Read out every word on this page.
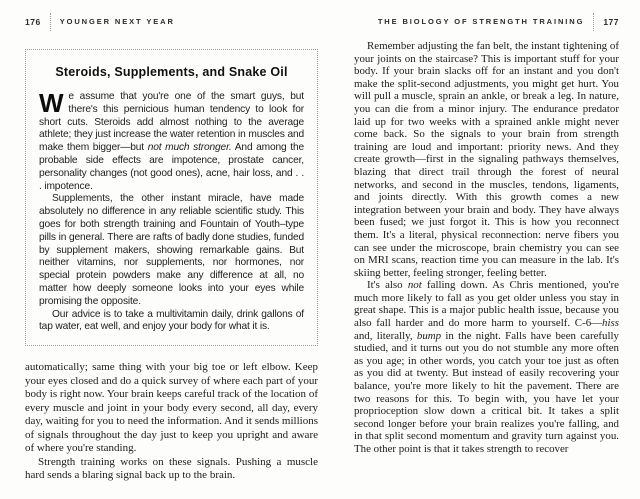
176	YOUNGER NEXT YEAR
Steroids, Supplements, and Snake Oil

We assume that you're one of the smart guys, but there's this pernicious human tendency to look for short cuts. Steroids add almost nothing to the average athlete; they just increase the water retention in muscles and make them bigger—but not much stronger. And among the probable side effects are impotence, prostate cancer, personality changes (not good ones), acne, hair loss, and . . . impotence.

Supplements, the other instant miracle, have made absolutely no difference in any reliable scientific study. This goes for both strength training and Fountain of Youth–type pills in general. There are rafts of badly done studies, funded by supplement makers, showing remarkable gains. But neither vitamins, nor supplements, nor hormones, nor special protein powders make any difference at all, no matter how deeply someone looks into your eyes while promising the opposite.

Our advice is to take a multivitamin daily, drink gallons of tap water, eat well, and enjoy your body for what it is.

automatically; same thing with your big toe or left elbow. Keep your eyes closed and do a quick survey of where each part of your body is right now. Your brain keeps careful track of the location of every muscle and joint in your body every second, all day, every day, waiting for you to need the information. And it sends millions of signals throughout the day just to keep you upright and aware of where you're standing.

Strength training works on these signals. Pushing a muscle hard sends a blaring signal back up to the brain.

THE BIOLOGY OF STRENGTH TRAINING 177

Remember adjusting the fan belt, the instant tightening of your joints on the staircase? This is important stuff for your body. If your brain slacks off for an instant and you don't make the split-second adjustments, you might get hurt. You will pull a muscle, sprain an ankle, or break a leg. In nature, you can die from a minor injury. The endurance predator laid up for two weeks with a sprained ankle might never come back. So the signals to your brain from strength training are loud and important: priority news. And they create growth—first in the signaling pathways themselves, blazing that direct trail through the forest of neural networks, and second in the muscles, tendons, ligaments, and joints directly. With this growth comes a new integration between your brain and body. They have always been fused; we just forgot it. This is how you reconnect them. It's a literal, physical reconnection: nerve fibers you can see under the microscope, brain chemistry you can see on MRI scans, reaction time you can measure in the lab. It's skiing better, feeling stronger, feeling better.

It's also not falling down. As Chris mentioned, you're much more likely to fall as you get older unless you stay in great shape. This is a major public health issue, because you also fall harder and do more harm to yourself. C-6—hiss and, literally, bump in the night. Falls have been carefully studied, and it turns out you do not stumble any more often as you age; in other words, you catch your toe just as often as you did at twenty. But instead of easily recovering your balance, you're more likely to hit the pavement. There are two reasons for this. To begin with, you have let your proprioception slow down a critical bit. It takes a split second longer before your brain realizes you're falling, and in that split second momentum and gravity turn against you. The other point is that it takes strength to recover
